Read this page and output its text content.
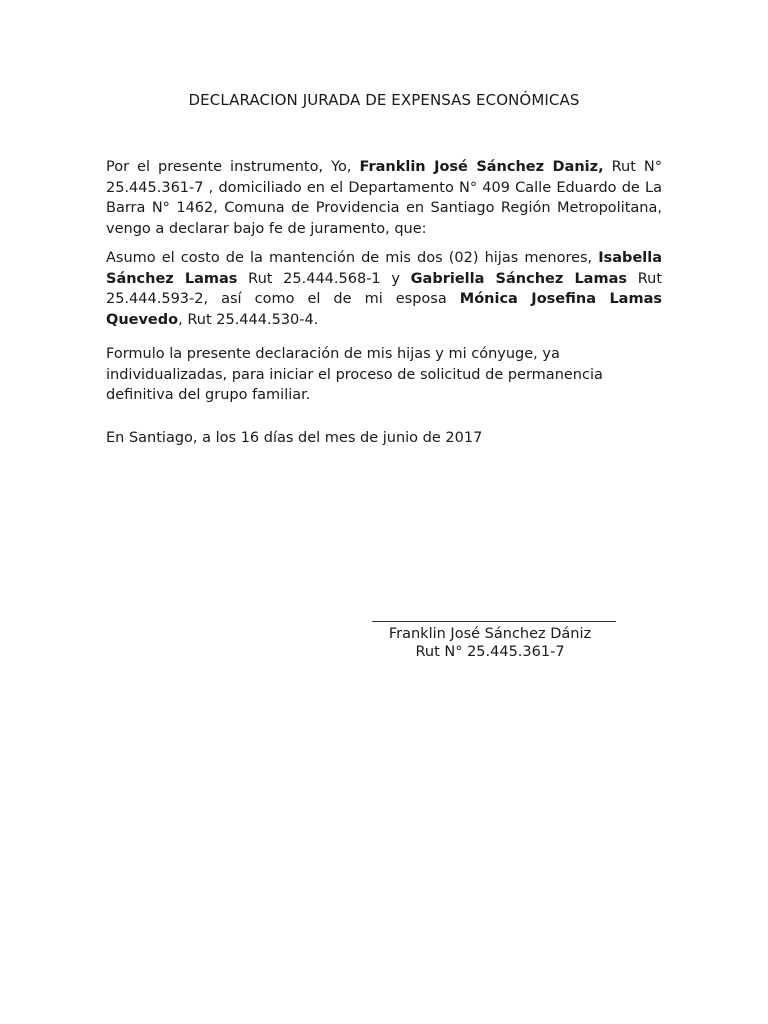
DECLARACION JURADA DE EXPENSAS ECONÓMICAS

Por el presente instrumento, Yo, Franklin José Sánchez Daniz, Rut N° 25.445.361-7 , domiciliado en el Departamento N° 409 Calle Eduardo de La Barra N° 1462, Comuna de Providencia en Santiago Región Metropolitana, vengo a declarar bajo fe de juramento, que:

Asumo el costo de la mantención de mis dos (02) hijas menores, Isabella Sánchez Lamas Rut 25.444.568-1 y Gabriella Sánchez Lamas Rut 25.444.593-2, así como el de mi esposa Mónica Josefina Lamas Quevedo, Rut 25.444.530-4.

Formulo la presente declaración de mis hijas y mi cónyuge, ya individualizadas, para iniciar el proceso de solicitud de permanencia definitiva del grupo familiar.

En Santiago, a los 16 días del mes de junio de 2017

Franklin José Sánchez Dániz
Rut N° 25.445.361-7
